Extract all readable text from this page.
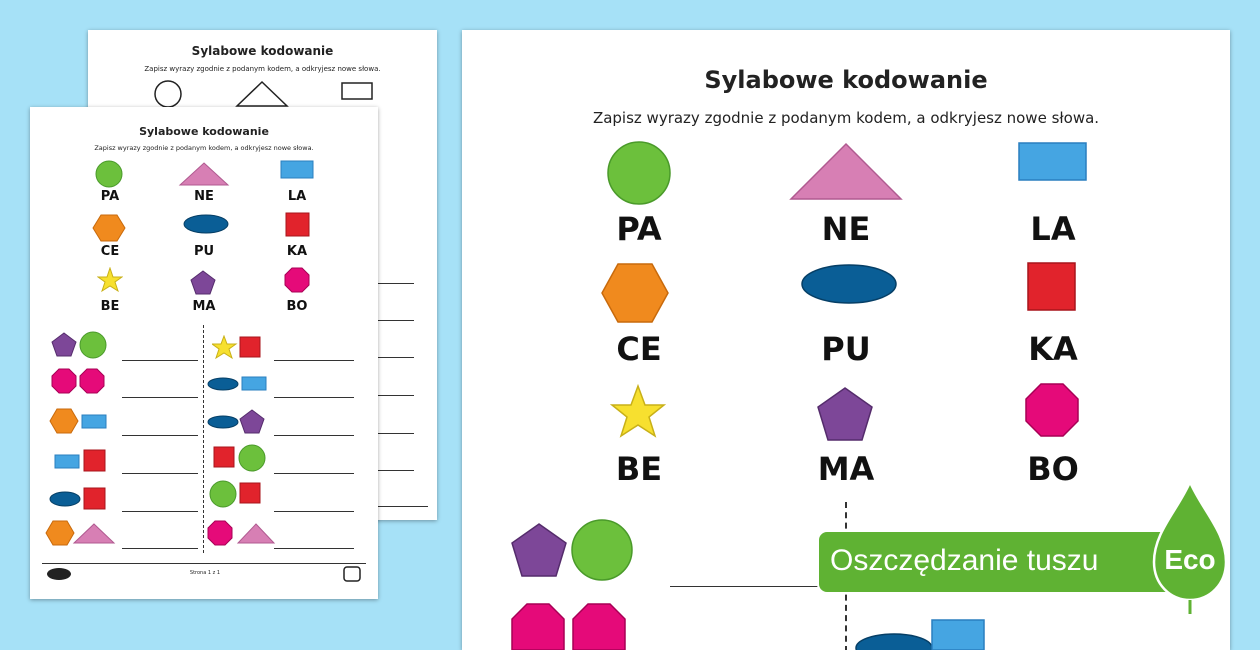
Sylabowe kodowanie
Zapisz wyrazy zgodnie z podanym kodem, a odkryjesz nowe słowa.
Sylabowe kodowanie
Zapisz wyrazy zgodnie z podanym kodem, a odkryjesz nowe słowa.
PA	NE	LA
CE	PU	KA
BE	MA	BO
Strona 1 z 1
Sylabowe kodowanie
Zapisz wyrazy zgodnie z podanym kodem, a odkryjesz nowe słowa.
PA	NE	LA
CE	PU	KA
BE	MA	BO
Oszczędzanie tuszu Eco
